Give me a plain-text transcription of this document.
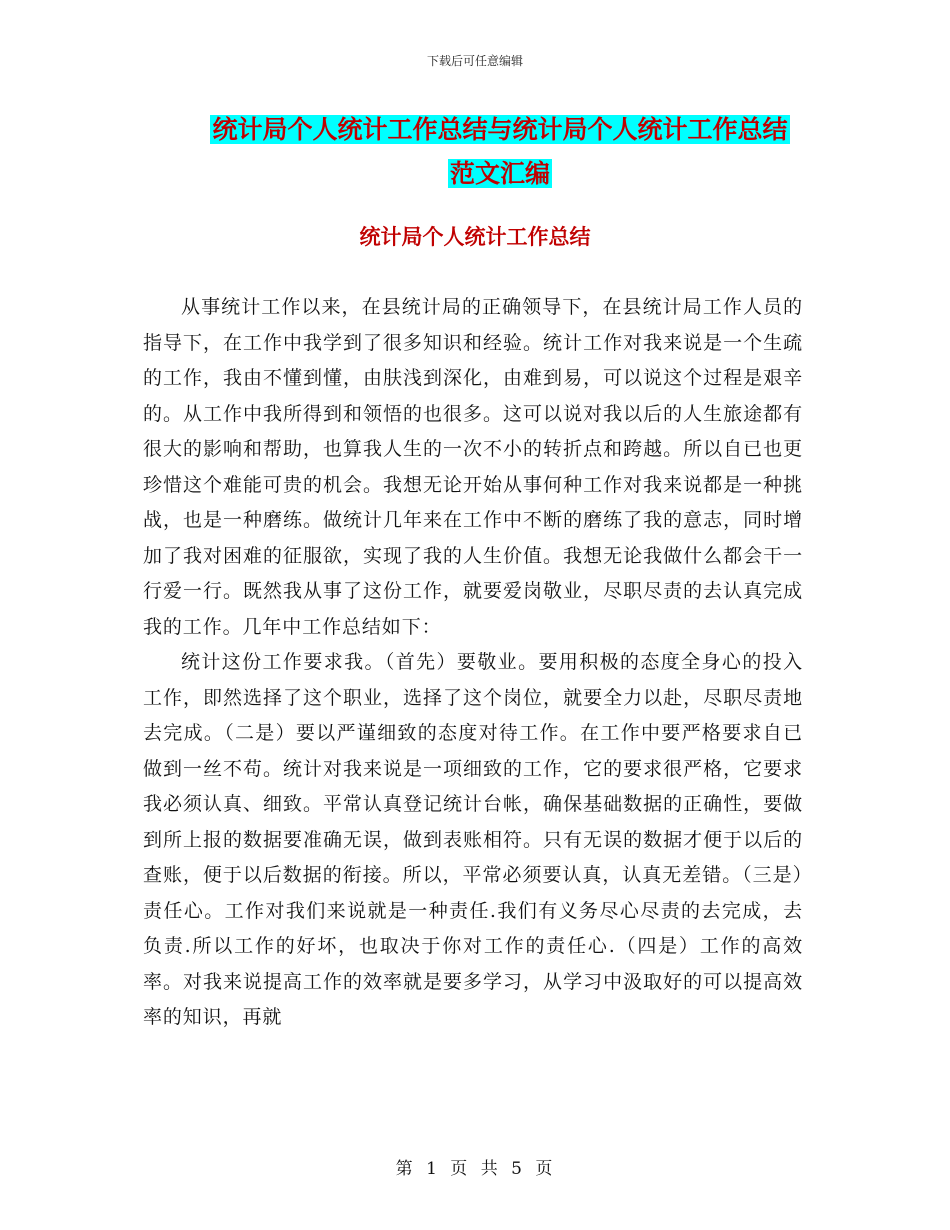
下载后可任意编辑
统计局个人统计工作总结与统计局个人统计工作总结
范文汇编
统计局个人统计工作总结

从事统计工作以来，在县统计局的正确领导下，在县统计局工作人员的指导下，在工作中我学到了很多知识和经验。统计工作对我来说是一个生疏的工作，我由不懂到懂，由肤浅到深化，由难到易，可以说这个过程是艰辛的。从工作中我所得到和领悟的也很多。这可以说对我以后的人生旅途都有很大的影响和帮助，也算我人生的一次不小的转折点和跨越。所以自已也更珍惜这个难能可贵的机会。我想无论开始从事何种工作对我来说都是一种挑战，也是一种磨练。做统计几年来在工作中不断的磨练了我的意志，同时增加了我对困难的征服欲，实现了我的人生价值。我想无论我做什么都会干一行爱一行。既然我从事了这份工作，就要爱岗敬业，尽职尽责的去认真完成我的工作。几年中工作总结如下：

统计这份工作要求我。（首先）要敬业。要用积极的态度全身心的投入工作，即然选择了这个职业，选择了这个岗位，就要全力以赴，尽职尽责地去完成。（二是）要以严谨细致的态度对待工作。在工作中要严格要求自已做到一丝不苟。统计对我来说是一项细致的工作，它的要求很严格，它要求我必须认真、细致。平常认真登记统计台帐，确保基础数据的正确性，要做到所上报的数据要准确无误，做到表账相符。只有无误的数据才便于以后的查账，便于以后数据的衔接。所以，平常必须要认真，认真无差错。（三是）责任心。工作对我们来说就是一种责任.我们有义务尽心尽责的去完成，去负责.所以工作的好坏，也取决于你对工作的责任心.（四是）工作的高效率。对我来说提高工作的效率就是要多学习，从学习中汲取好的可以提高效率的知识，再就

第 1 页 共 5 页
